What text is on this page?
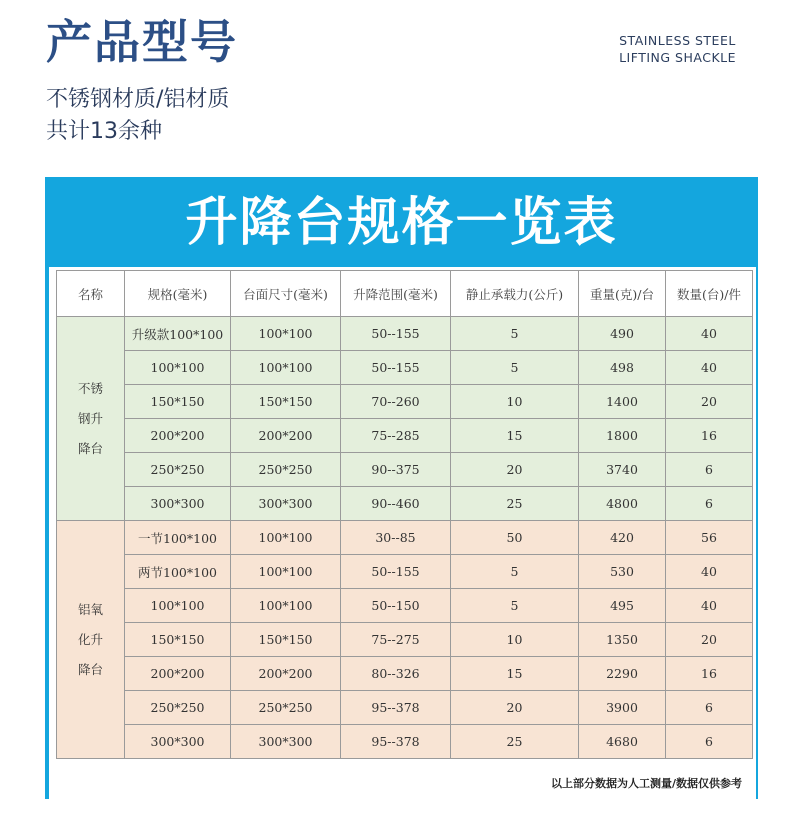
产品型号	STAINLESS STEEL
LIFTING SHACKLE
不锈钢材质/铝材质
共计13余种
升降台规格一览表
名称	规格(毫米)	台面尺寸(毫米)	升降范围(毫米)	静止承载力(公斤)	重量(克)/台	数量(台)/件
不锈钢升降台	升级款100*100	100*100	50--155	5	490	40
	100*100	100*100	50--155	5	498	40
	150*150	150*150	70--260	10	1400	20
	200*200	200*200	75--285	15	1800	16
	250*250	250*250	90--375	20	3740	6
	300*300	300*300	90--460	25	4800	6
铝氧化升降台	一节100*100	100*100	30--85	50	420	56
	两节100*100	100*100	50--155	5	530	40
	100*100	100*100	50--150	5	495	40
	150*150	150*150	75--275	10	1350	20
	200*200	200*200	80--326	15	2290	16
	250*250	250*250	95--378	20	3900	6
	300*300	300*300	95--378	25	4680	6
以上部分数据为人工测量/数据仅供参考
